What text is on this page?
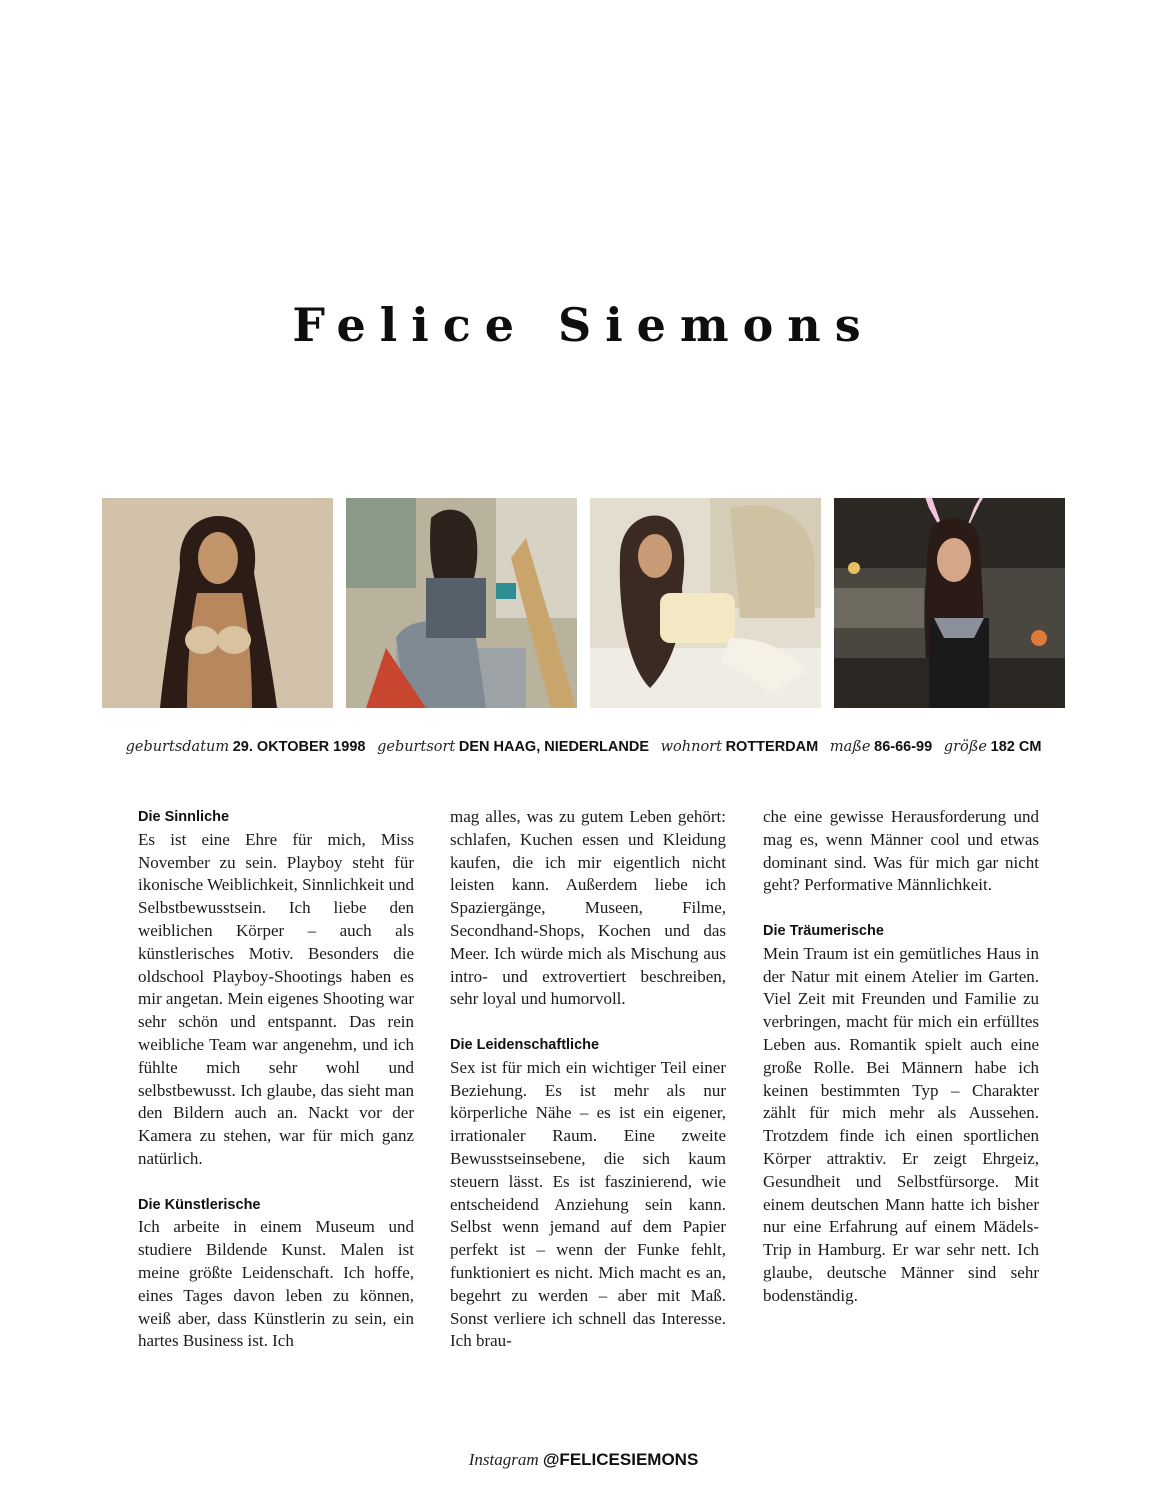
Felice Siemons
geburtsdatum 29. OKTOBER 1998 geburtsort DEN HAAG, NIEDERLANDE wohnort ROTTERDAM maße 86-66-99 größe 182 CM
Die Sinnliche

Es ist eine Ehre für mich, Miss November zu sein. Playboy steht für ikonische Weiblichkeit, Sinnlichkeit und Selbstbewusstsein. Ich liebe den weiblichen Körper – auch als künstlerisches Motiv. Besonders die oldschool Playboy-Shootings haben es mir angetan. Mein eigenes Shooting war sehr schön und entspannt. Das rein weibliche Team war angenehm, und ich fühlte mich sehr wohl und selbstbewusst. Ich glaube, das sieht man den Bildern auch an. Nackt vor der Kamera zu stehen, war für mich ganz natürlich.

Die Künstlerische

Ich arbeite in einem Museum und studiere Bildende Kunst. Malen ist meine größte Leidenschaft. Ich hoffe, eines Tages davon leben zu können, weiß aber, dass Künstlerin zu sein, ein hartes Business ist. Ich

mag alles, was zu gutem Leben gehört: schlafen, Kuchen essen und Kleidung kaufen, die ich mir eigentlich nicht leisten kann. Außerdem liebe ich Spaziergänge, Museen, Filme, Secondhand-Shops, Kochen und das Meer. Ich würde mich als Mischung aus intro- und extrovertiert beschreiben, sehr loyal und humorvoll.

Die Leidenschaftliche

Sex ist für mich ein wichtiger Teil einer Beziehung. Es ist mehr als nur körperliche Nähe – es ist ein eigener, irrationaler Raum. Eine zweite Bewusstseinsebene, die sich kaum steuern lässt. Es ist faszinierend, wie entscheidend Anziehung sein kann. Selbst wenn jemand auf dem Papier perfekt ist – wenn der Funke fehlt, funktioniert es nicht. Mich macht es an, begehrt zu werden – aber mit Maß. Sonst verliere ich schnell das Interesse. Ich brau-

che eine gewisse Herausforderung und mag es, wenn Männer cool und etwas dominant sind. Was für mich gar nicht geht? Performative Männlichkeit.

Die Träumerische

Mein Traum ist ein gemütliches Haus in der Natur mit einem Atelier im Garten. Viel Zeit mit Freunden und Familie zu verbringen, macht für mich ein erfülltes Leben aus. Romantik spielt auch eine große Rolle. Bei Männern habe ich keinen bestimmten Typ – Charakter zählt für mich mehr als Aussehen. Trotzdem finde ich einen sportlichen Körper attraktiv. Er zeigt Ehrgeiz, Gesundheit und Selbstfürsorge. Mit einem deutschen Mann hatte ich bisher nur eine Erfahrung auf einem Mädels-Trip in Hamburg. Er war sehr nett. Ich glaube, deutsche Männer sind sehr bodenständig.

Instagram @FELICESIEMONS
